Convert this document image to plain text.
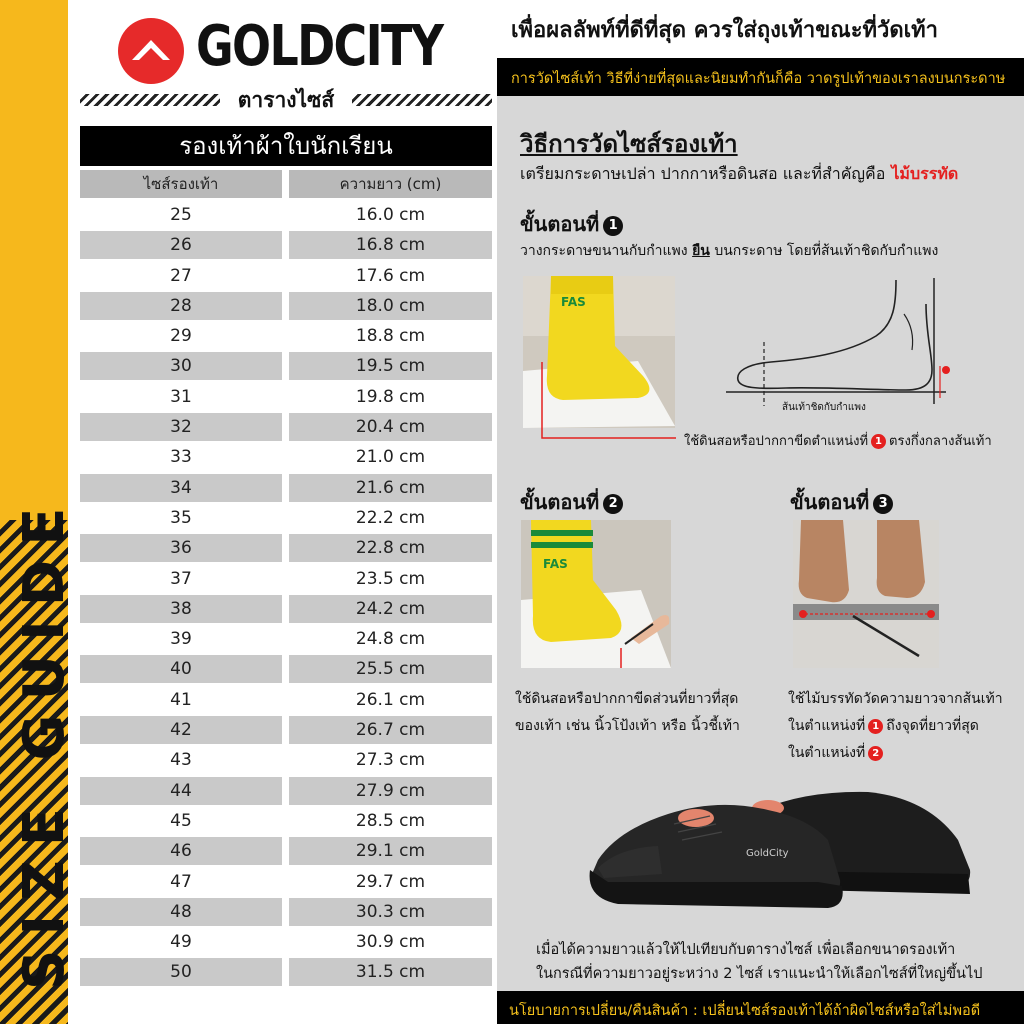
SIZE GUIDE
GOLDCITY
ตารางไซส์
รองเท้าผ้าใบนักเรียน
ไซส์รองเท้า	ความยาว (cm)
25	16.0 cm
26	16.8 cm
27	17.6 cm
28	18.0 cm
29	18.8 cm
30	19.5 cm
31	19.8 cm
32	20.4 cm
33	21.0 cm
34	21.6 cm
35	22.2 cm
36	22.8 cm
37	23.5 cm
38	24.2 cm
39	24.8 cm
40	25.5 cm
41	26.1 cm
42	26.7 cm
43	27.3 cm
44	27.9 cm
45	28.5 cm
46	29.1 cm
47	29.7 cm
48	30.3 cm
49	30.9 cm
50	31.5 cm
เพื่อผลลัพท์ที่ดีที่สุด ควรใส่ถุงเท้าขณะที่วัดเท้า
การวัดไซส์เท้า วิธีที่ง่ายที่สุดและนิยมทำกันก็คือ วาดรูปเท้าของเราลงบนกระดาษ
วิธีการวัดไซส์รองเท้า
เตรียมกระดาษเปล่า ปากกาหรือดินสอ และที่สำคัญคือ ไม้บรรทัด
ขั้นตอนที่ 1
วางกระดาษขนานกับกำแพง ยืน บนกระดาษ โดยที่ส้นเท้าชิดกับกำแพง
FAS
ส้นเท้าชิดกับกำแพง
ใช้ดินสอหรือปากกาขีดตำแหน่งที่ 1 ตรงกึ่งกลางส้นเท้า
ขั้นตอนที่ 2
FAS
ใช้ดินสอหรือปากกาขีดส่วนที่ยาวที่สุด
ของเท้า เช่น นิ้วโป้งเท้า หรือ นิ้วชี้เท้า
ขั้นตอนที่ 3
ใช้ไม้บรรทัดวัดความยาวจากส้นเท้า
ในตำแหน่งที่ 1 ถึงจุดที่ยาวที่สุด
ในตำแหน่งที่ 2
GoldCity
เมื่อได้ความยาวแล้วให้ไปเทียบกับตารางไซส์ เพื่อเลือกขนาดรองเท้า
ในกรณีที่ความยาวอยู่ระหว่าง 2 ไซส์ เราแนะนำให้เลือกไซส์ที่ใหญ่ขึ้นไป
นโยบายการเปลี่ยน/คืนสินค้า : เปลี่ยนไซส์รองเท้าได้ถ้าผิดไซส์หรือใส่ไม่พอดี
